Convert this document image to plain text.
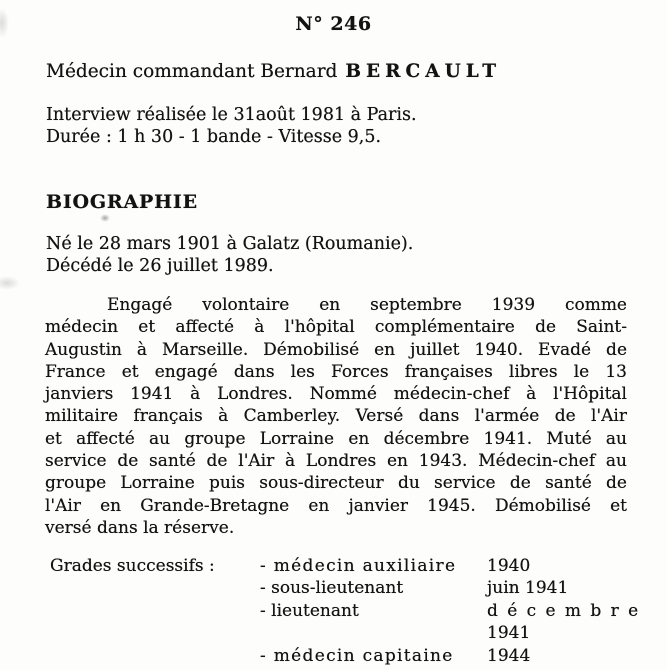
N° 246
Médecin commandant Bernard BERCAULT
Interview réalisée le 31août 1981 à Paris.
Durée : 1 h 30 - 1 bande - Vitesse 9,5.
BIOGRAPHIE
Né le 28 mars 1901 à Galatz (Roumanie).
Décédé le 26 juillet 1989.
Engagé volontaire en septembre 1939 comme
médecin et affecté à l'hôpital complémentaire de Saint-
Augustin à Marseille. Démobilisé en juillet 1940. Evadé de
France et engagé dans les Forces françaises libres le 13
janviers 1941 à Londres. Nommé médecin-chef à l'Hôpital
militaire français à Camberley. Versé dans l'armée de l'Air
et affecté au groupe Lorraine en décembre 1941. Muté au
service de santé de l'Air à Londres en 1943. Médecin-chef au
groupe Lorraine puis sous-directeur du service de santé de
l'Air en Grande-Bretagne en janvier 1945. Démobilisé et
versé dans la réserve.
Grades successifs :	- médecin auxiliaire	1940
- sous-lieutenant	juin 1941
- lieutenant	décembre
1941
- médecin capitaine	1944
